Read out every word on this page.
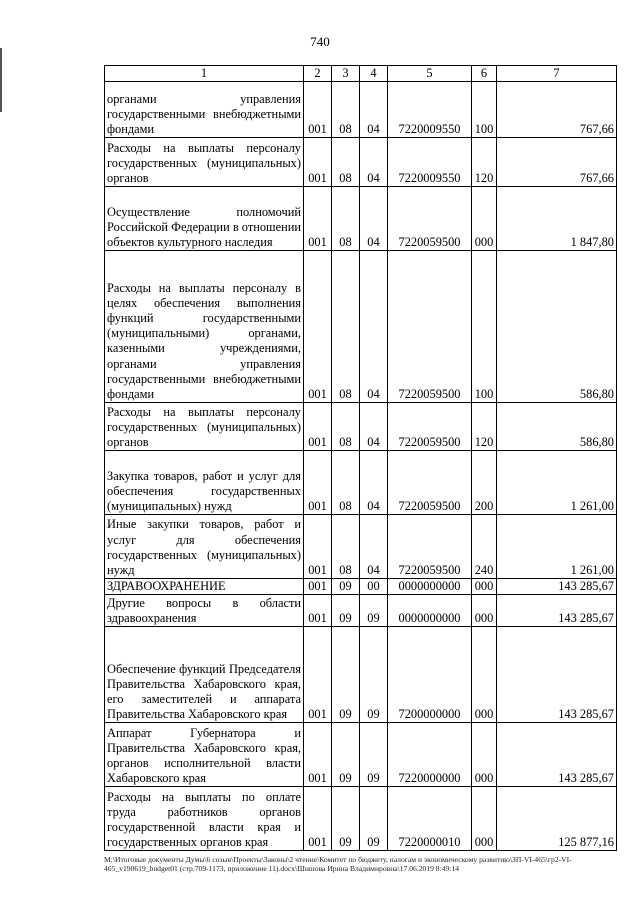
740
1	2	3	4	5	6	7
органами управления государственными внебюджетными фондами	001	08	04	7220009550	100	767,66
Расходы на выплаты персоналу государственных (муниципальных) органов	001	08	04	7220009550	120	767,66
Осуществление полномочий Российской Федерации в отношении объектов культурного наследия	001	08	04	7220059500	000	1 847,80
Расходы на выплаты персоналу в целях обеспечения выполнения функций государственными (муниципальными) органами, казенными учреждениями, органами управления государственными внебюджетными фондами	001	08	04	7220059500	100	586,80
Расходы на выплаты персоналу государственных (муниципальных) органов	001	08	04	7220059500	120	586,80
Закупка товаров, работ и услуг для обеспечения государственных (муниципальных) нужд	001	08	04	7220059500	200	1 261,00
Иные закупки товаров, работ и услуг для обеспечения государственных (муниципальных) нужд	001	08	04	7220059500	240	1 261,00
ЗДРАВООХРАНЕНИЕ	001	09	00	0000000000	000	143 285,67
Другие вопросы в области здравоохранения	001	09	09	0000000000	000	143 285,67
Обеспечение функций Председателя Правительства Хабаровского края, его заместителей и аппарата Правительства Хабаровского края	001	09	09	7200000000	000	143 285,67
Аппарат Губернатора и Правительства Хабаровского края, органов исполнительной власти Хабаровского края	001	09	09	7220000000	000	143 285,67
Расходы на выплаты по оплате труда работников органов государственной власти края и государственных органов края	001	09	09	7220000010	000	125 877,16
M:\Итоговые документы Думы\6 созыв\Проекты\Законы\2 чтение\Комитет по бюджету, налогам и экономическому развитию\ЗП-VI-465\гр2-VI-465_v190619_budget01 (стр.709-1173, приложение 11).docx\Шишова Ирина Владимировна\17.06.2019 8:49:14
